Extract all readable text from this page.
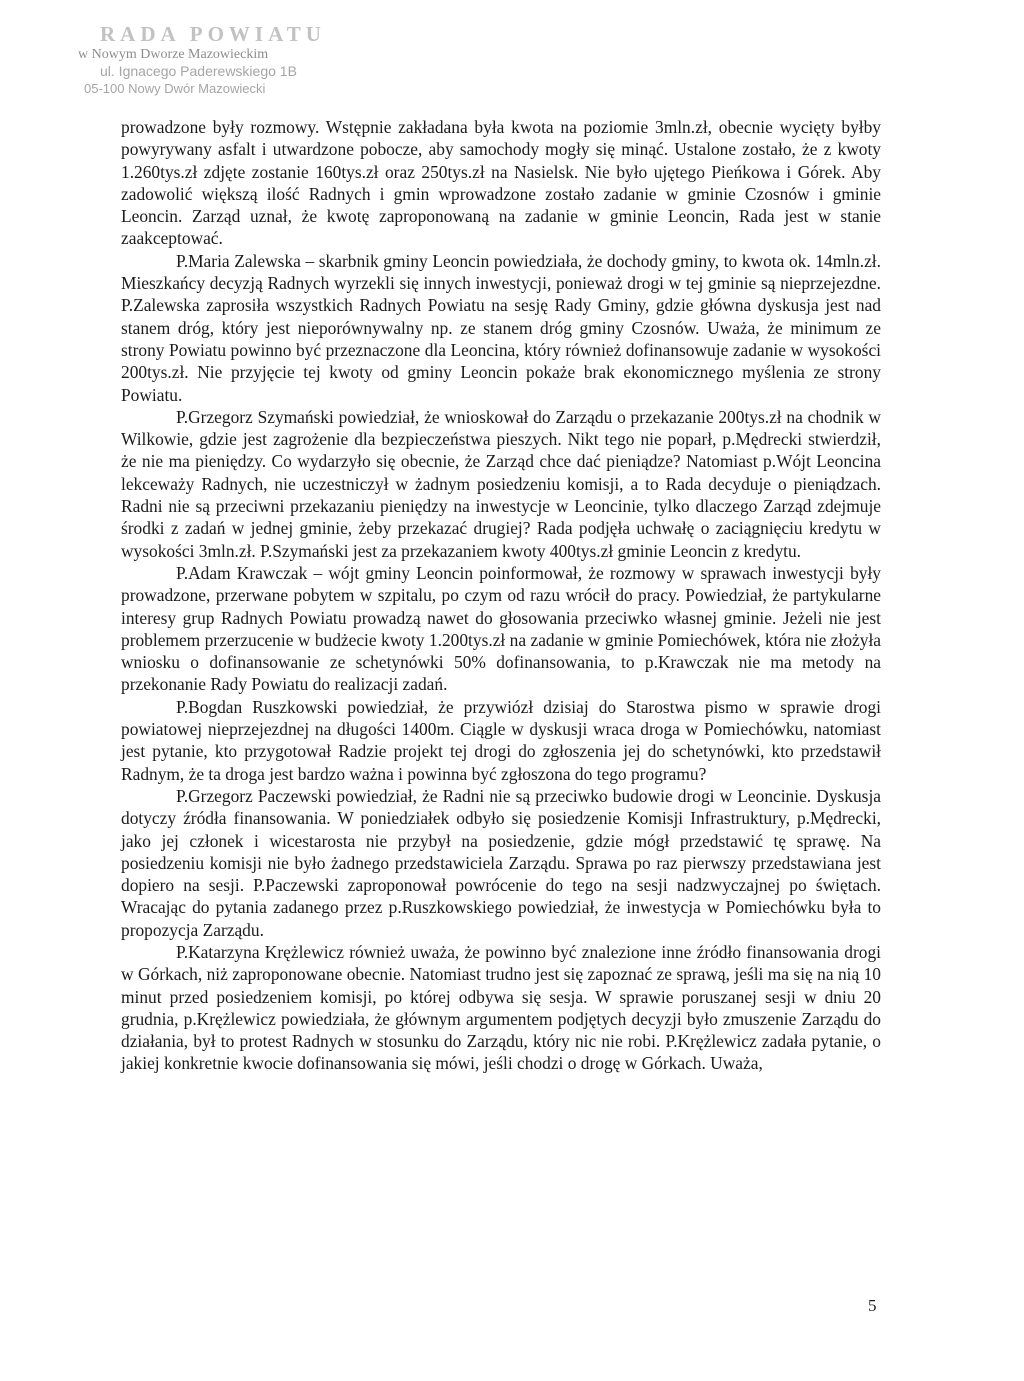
RADA POWIATU
w Nowym Dworze Mazowieckim
ul. Ignacego Paderewskiego 1B
05-100 Nowy Dwór Mazowiecki

prowadzone były rozmowy. Wstępnie zakładana była kwota na poziomie 3mln.zł, obecnie wycięty byłby powyrywany asfalt i utwardzone pobocze, aby samochody mogły się minąć. Ustalone zostało, że z kwoty 1.260tys.zł zdjęte zostanie 160tys.zł oraz 250tys.zł na Nasielsk. Nie było ujętego Pieńkowa i Górek. Aby zadowolić większą ilość Radnych i gmin wprowadzone zostało zadanie w gminie Czosnów i gminie Leoncin. Zarząd uznał, że kwotę zaproponowaną na zadanie w gminie Leoncin, Rada jest w stanie zaakceptować.

P.Maria Zalewska – skarbnik gminy Leoncin powiedziała, że dochody gminy, to kwota ok. 14mln.zł. Mieszkańcy decyzją Radnych wyrzekli się innych inwestycji, ponieważ drogi w tej gminie są nieprzejezdne. P.Zalewska zaprosiła wszystkich Radnych Powiatu na sesję Rady Gminy, gdzie główna dyskusja jest nad stanem dróg, który jest nieporównywalny np. ze stanem dróg gminy Czosnów. Uważa, że minimum ze strony Powiatu powinno być przeznaczone dla Leoncina, który również dofinansowuje zadanie w wysokości 200tys.zł. Nie przyjęcie tej kwoty od gminy Leoncin pokaże brak ekonomicznego myślenia ze strony Powiatu.

P.Grzegorz Szymański powiedział, że wnioskował do Zarządu o przekazanie 200tys.zł na chodnik w Wilkowie, gdzie jest zagrożenie dla bezpieczeństwa pieszych. Nikt tego nie poparł, p.Mędrecki stwierdził, że nie ma pieniędzy. Co wydarzyło się obecnie, że Zarząd chce dać pieniądze? Natomiast p.Wójt Leoncina lekceważy Radnych, nie uczestniczył w żadnym posiedzeniu komisji, a to Rada decyduje o pieniądzach. Radni nie są przeciwni przekazaniu pieniędzy na inwestycje w Leoncinie, tylko dlaczego Zarząd zdejmuje środki z zadań w jednej gminie, żeby przekazać drugiej? Rada podjęła uchwałę o zaciągnięciu kredytu w wysokości 3mln.zł. P.Szymański jest za przekazaniem kwoty 400tys.zł gminie Leoncin z kredytu.

P.Adam Krawczak – wójt gminy Leoncin poinformował, że rozmowy w sprawach inwestycji były prowadzone, przerwane pobytem w szpitalu, po czym od razu wrócił do pracy. Powiedział, że partykularne interesy grup Radnych Powiatu prowadzą nawet do głosowania przeciwko własnej gminie. Jeżeli nie jest problemem przerzucenie w budżecie kwoty 1.200tys.zł na zadanie w gminie Pomiechówek, która nie złożyła wniosku o dofinansowanie ze schetynówki 50% dofinansowania, to p.Krawczak nie ma metody na przekonanie Rady Powiatu do realizacji zadań.

P.Bogdan Ruszkowski powiedział, że przywiózł dzisiaj do Starostwa pismo w sprawie drogi powiatowej nieprzejezdnej na długości 1400m. Ciągle w dyskusji wraca droga w Pomiechówku, natomiast jest pytanie, kto przygotował Radzie projekt tej drogi do zgłoszenia jej do schetynówki, kto przedstawił Radnym, że ta droga jest bardzo ważna i powinna być zgłoszona do tego programu?

P.Grzegorz Paczewski powiedział, że Radni nie są przeciwko budowie drogi w Leoncinie. Dyskusja dotyczy źródła finansowania. W poniedziałek odbyło się posiedzenie Komisji Infrastruktury, p.Mędrecki, jako jej członek i wicestarosta nie przybył na posiedzenie, gdzie mógł przedstawić tę sprawę. Na posiedzeniu komisji nie było żadnego przedstawiciela Zarządu. Sprawa po raz pierwszy przedstawiana jest dopiero na sesji. P.Paczewski zaproponował powrócenie do tego na sesji nadzwyczajnej po świętach. Wracając do pytania zadanego przez p.Ruszkowskiego powiedział, że inwestycja w Pomiechówku była to propozycja Zarządu.

P.Katarzyna Krężlewicz również uważa, że powinno być znalezione inne źródło finansowania drogi w Górkach, niż zaproponowane obecnie. Natomiast trudno jest się zapoznać ze sprawą, jeśli ma się na nią 10 minut przed posiedzeniem komisji, po której odbywa się sesja. W sprawie poruszanej sesji w dniu 20 grudnia, p.Krężlewicz powiedziała, że głównym argumentem podjętych decyzji było zmuszenie Zarządu do działania, był to protest Radnych w stosunku do Zarządu, który nic nie robi. P.Krężlewicz zadała pytanie, o jakiej konkretnie kwocie dofinansowania się mówi, jeśli chodzi o drogę w Górkach. Uważa,

5
